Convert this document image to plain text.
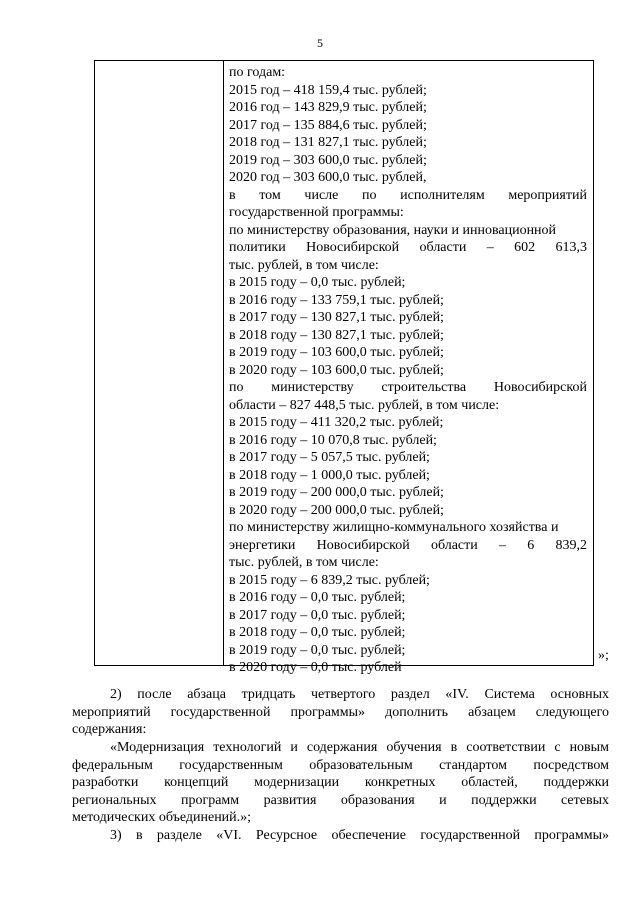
5
по годам:
2015 год – 418 159,4 тыс. рублей;
2016 год – 143 829,9 тыс. рублей;
2017 год – 135 884,6 тыс. рублей;
2018 год – 131 827,1 тыс. рублей;
2019 год – 303 600,0 тыс. рублей;
2020 год – 303 600,0 тыс. рублей,
в том числе по исполнителям мероприятий
государственной программы:
по министерству образования, науки и инновационной
политики Новосибирской области – 602 613,3
тыс. рублей, в том числе:
в 2015 году – 0,0 тыс. рублей;
в 2016 году – 133 759,1 тыс. рублей;
в 2017 году – 130 827,1 тыс. рублей;
в 2018 году – 130 827,1 тыс. рублей;
в 2019 году – 103 600,0 тыс. рублей;
в 2020 году – 103 600,0 тыс. рублей;
по министерству строительства Новосибирской
области – 827 448,5 тыс. рублей, в том числе:
в 2015 году – 411 320,2 тыс. рублей;
в 2016 году – 10 070,8 тыс. рублей;
в 2017 году – 5 057,5 тыс. рублей;
в 2018 году – 1 000,0 тыс. рублей;
в 2019 году – 200 000,0 тыс. рублей;
в 2020 году – 200 000,0 тыс. рублей;
по министерству жилищно-коммунального хозяйства и
энергетики Новосибирской области – 6 839,2
тыс. рублей, в том числе:
в 2015 году – 6 839,2 тыс. рублей;
в 2016 году – 0,0 тыс. рублей;
в 2017 году – 0,0 тыс. рублей;
в 2018 году – 0,0 тыс. рублей;
в 2019 году – 0,0 тыс. рублей;
в 2020 году – 0,0 тыс. рублей
»;
2) после абзаца тридцать четвертого раздел «IV. Система основных
мероприятий государственной программы» дополнить абзацем следующего
содержания:
«Модернизация технологий и содержания обучения в соответствии с новым
федеральным государственным образовательным стандартом посредством
разработки концепций модернизации конкретных областей, поддержки
региональных программ развития образования и поддержки сетевых
методических объединений.»;
3) в разделе «VI. Ресурсное обеспечение государственной программы»
